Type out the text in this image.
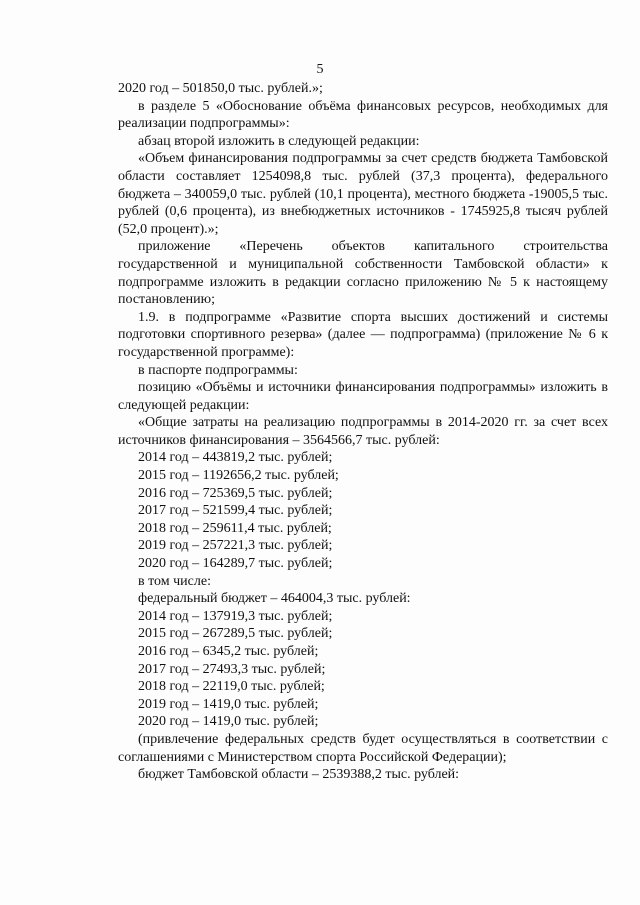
5

2020 год – 501850,0 тыс. рублей.»;

в разделе 5 «Обоснование объёма финансовых ресурсов, необходимых для реализации подпрограммы»:

абзац второй изложить в следующей редакции:

«Объем финансирования подпрограммы за счет средств бюджета Тамбовской области составляет 1254098,8 тыс. рублей (37,3 процента), федерального бюджета – 340059,0 тыс. рублей (10,1 процента), местного бюджета -19005,5 тыс. рублей (0,6 процента), из внебюджетных источников - 1745925,8 тысяч рублей (52,0 процент).»;

приложение «Перечень объектов капитального строительства государственной и муниципальной собственности Тамбовской области» к подпрограмме изложить в редакции согласно приложению № 5 к настоящему постановлению;

1.9. в подпрограмме «Развитие спорта высших достижений и системы подготовки спортивного резерва» (далее — подпрограмма) (приложение № 6 к государственной программе):

в паспорте подпрограммы:

позицию «Объёмы и источники финансирования подпрограммы» изложить в следующей редакции:

«Общие затраты на реализацию подпрограммы в 2014-2020 гг. за счет всех источников финансирования – 3564566,7 тыс. рублей:

2014 год – 443819,2 тыс. рублей;

2015 год – 1192656,2 тыс. рублей;

2016 год – 725369,5 тыс. рублей;

2017 год – 521599,4 тыс. рублей;

2018 год – 259611,4 тыс. рублей;

2019 год – 257221,3 тыс. рублей;

2020 год – 164289,7 тыс. рублей;

в том числе:

федеральный бюджет – 464004,3 тыс. рублей:

2014 год – 137919,3 тыс. рублей;

2015 год – 267289,5 тыс. рублей;

2016 год – 6345,2 тыс. рублей;

2017 год – 27493,3 тыс. рублей;

2018 год – 22119,0 тыс. рублей;

2019 год – 1419,0 тыс. рублей;

2020 год – 1419,0 тыс. рублей;

(привлечение федеральных средств будет осуществляться в соответствии с соглашениями с Министерством спорта Российской Федерации);

бюджет Тамбовской области – 2539388,2 тыс. рублей:
